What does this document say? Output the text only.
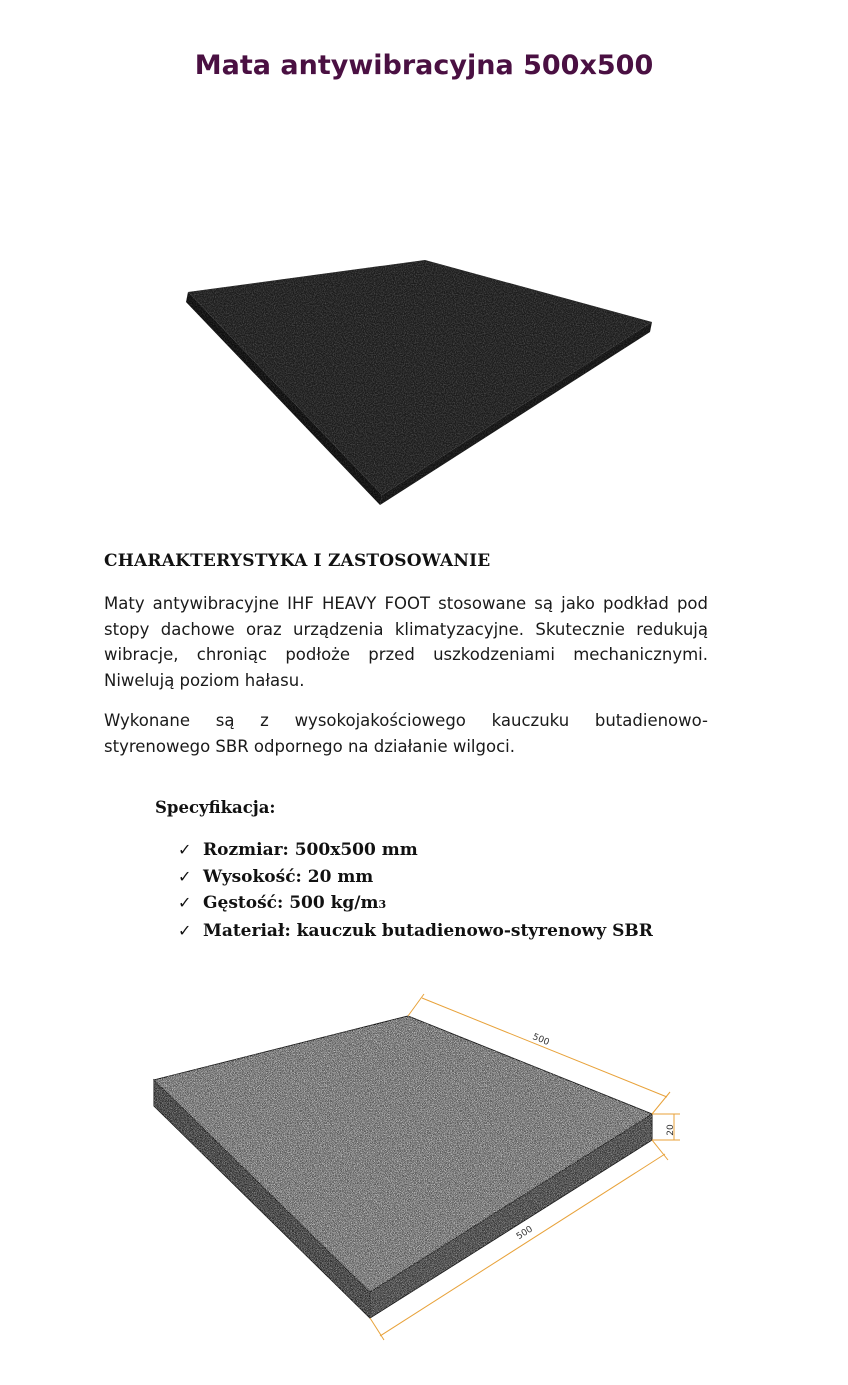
Mata antywibracyjna 500x500
CHARAKTERYSTYKA I ZASTOSOWANIE

Maty antywibracyjne IHF HEAVY FOOT stosowane są jako podkład pod stopy dachowe oraz urządzenia klimatyzacyjne. Skutecznie redukują wibracje, chroniąc podłoże przed uszkodzeniami mechanicznymi. Niwelują poziom hałasu.

Wykonane są z wysokojakościowego kauczuku butadienowo-styrenowego SBR odpornego na działanie wilgoci.

Specyfikacja:
✓ Rozmiar: 500x500 mm
✓ Wysokość: 20 mm
✓ Gęstość: 500 kg/m 3
✓ Materiał: kauczuk butadienowo-styrenowy SBR
500
20
500
